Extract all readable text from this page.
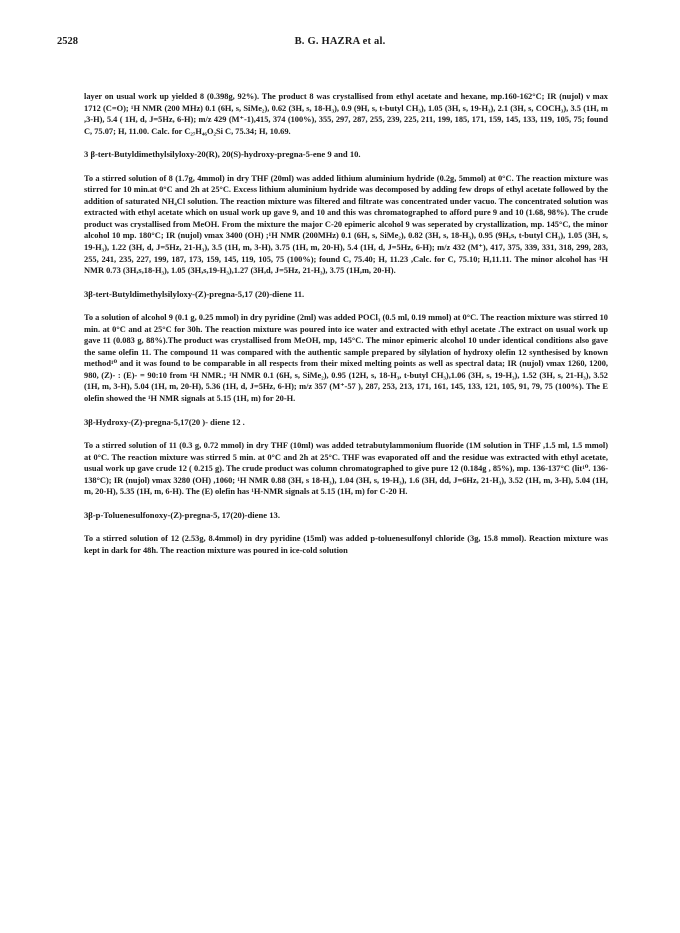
2528	B. G. HAZRA et al.

layer on usual work up yielded 8 (0.398g, 92%). The product 8 was crystallised from ethyl acetate and hexane, mp.160-162°C; IR (nujol) ν max 1712 (C=O); ¹H NMR (200 MHz) 0.1 (6H, s, SiMe₂), 0.62 (3H, s, 18-H₃), 0.9 (9H, s, t-butyl CH₃), 1.05 (3H, s, 19-H₃), 2.1 (3H, s, COCH₃), 3.5 (1H, m ,3-H), 5.4 ( 1H, d, J=5Hz, 6-H); m/z 429 (M⁺-1),415, 374 (100%), 355, 297, 287, 255, 239, 225, 211, 199, 185, 171, 159, 145, 133, 119, 105, 75; found C, 75.07; H, 11.00. Calc. for C₂₇H₄₆O₂Si C, 75.34; H, 10.69.

3 β-tert-Butyldimethylsilyloxy-20(R), 20(S)-hydroxy-pregna-5-ene 9 and 10.

To a stirred solution of 8 (1.7g, 4mmol) in dry THF (20ml) was added lithium aluminium hydride (0.2g, 5mmol) at 0°C. The reaction mixture was stirred for 10 min.at 0°C and 2h at 25°C. Excess lithium aluminium hydride was decomposed by adding few drops of ethyl acetate followed by the addition of saturated NH₄Cl solution. The reaction mixture was filtered and filtrate was concentrated under vacuo. The concentrated solution was extracted with ethyl acetate which on usual work up gave 9, and 10 and this was chromatographed to afford pure 9 and 10 (1.68, 98%). The crude product was crystallised from MeOH. From the mixture the major C-20 epimeric alcohol 9 was seperated by crystallization, mp. 145°C, the minor alcohol 10 mp. 180°C; IR (nujol) νmax 3400 (OH) ;¹H NMR (200MHz) 0.1 (6H, s, SiMe₂), 0.82 (3H, s, 18-H₃), 0.95 (9H,s, t-butyl CH₃), 1.05 (3H, s, 19-H₃), 1.22 (3H, d, J=5Hz, 21-H₃), 3.5 (1H, m, 3-H), 3.75 (1H, m, 20-H), 5.4 (1H, d, J=5Hz, 6-H); m/z 432 (M⁺), 417, 375, 339, 331, 318, 299, 283, 255, 241, 235, 227, 199, 187, 173, 159, 145, 119, 105, 75 (100%); found C, 75.40; H, 11.23 ,Calc. for C, 75.10; H,11.11. The minor alcohol has ¹H NMR 0.73 (3H,s,18-H₃), 1.05 (3H,s,19-H₃),1.27 (3H,d, J=5Hz, 21-H₃), 3.75 (1H,m, 20-H).

3β-tert-Butyldimethylsilyloxy-(Z)-pregna-5,17 (20)-diene 11.

To a solution of alcohol 9 (0.1 g, 0.25 mmol) in dry pyridine (2ml) was added POCl₃ (0.5 ml, 0.19 mmol) at 0°C. The reaction mixture was stirred 10 min. at 0°C and at 25°C for 30h. The reaction mixture was poured into ice water and extracted with ethyl acetate .The extract on usual work up gave 11 (0.083 g, 88%).The product was crystallised from MeOH, mp, 145°C. The minor epimeric alcohol 10 under identical conditions also gave the same olefin 11. The compound 11 was compared with the authentic sample prepared by silylation of hydroxy olefin 12 synthesised by known method¹⁰ and it was found to be comparable in all respects from their mixed melting points as well as spectral data; IR (nujol) νmax 1260, 1200, 980, (Z)- : (E)- = 90:10 from ¹H NMR.; ¹H NMR 0.1 (6H, s, SiMe₂), 0.95 (12H, s, 18-H₃, t-butyl CH₃),1.06 (3H, s, 19-H₃), 1.52 (3H, s, 21-H₃), 3.52 (1H, m, 3-H), 5.04 (1H, m, 20-H), 5.36 (1H, d, J=5Hz, 6-H); m/z 357 (M⁺-57 ), 287, 253, 213, 171, 161, 145, 133, 121, 105, 91, 79, 75 (100%). The E olefin showed the ¹H NMR signals at 5.15 (1H, m) for 20-H.

3β-Hydroxy-(Z)-pregna-5,17(20 )- diene 12 .

To a stirred solution of 11 (0.3 g, 0.72 mmol) in dry THF (10ml) was added tetrabutylammonium fluoride (1M solution in THF ,1.5 ml, 1.5 mmol) at 0°C. The reaction mixture was stirred 5 min. at 0°C and 2h at 25°C. THF was evaporated off and the residue was extracted with ethyl acetate, usual work up gave crude 12 ( 0.215 g). The crude product was column chromatographed to give pure 12 (0.184g , 85%), mp. 136-137°C (lit¹⁰. 136-138°C); IR (nujol) νmax 3280 (OH) ,1060; ¹H NMR 0.88 (3H, s 18-H₃), 1.04 (3H, s, 19-H₃), 1.6 (3H, dd, J=6Hz, 21-H₃), 3.52 (1H, m, 3-H), 5.04 (1H, m, 20-H), 5.35 (1H, m, 6-H). The (E) olefin has ¹H-NMR signals at 5.15 (1H, m) for C-20 H.

3β-p-Toluenesulfonoxy-(Z)-pregna-5, 17(20)-diene 13.

To a stirred solution of 12 (2.53g, 8.4mmol) in dry pyridine (15ml) was added p-toluenesulfonyl chloride (3g, 15.8 mmol). Reaction mixture was kept in dark for 48h. The reaction mixture was poured in ice-cold solution
